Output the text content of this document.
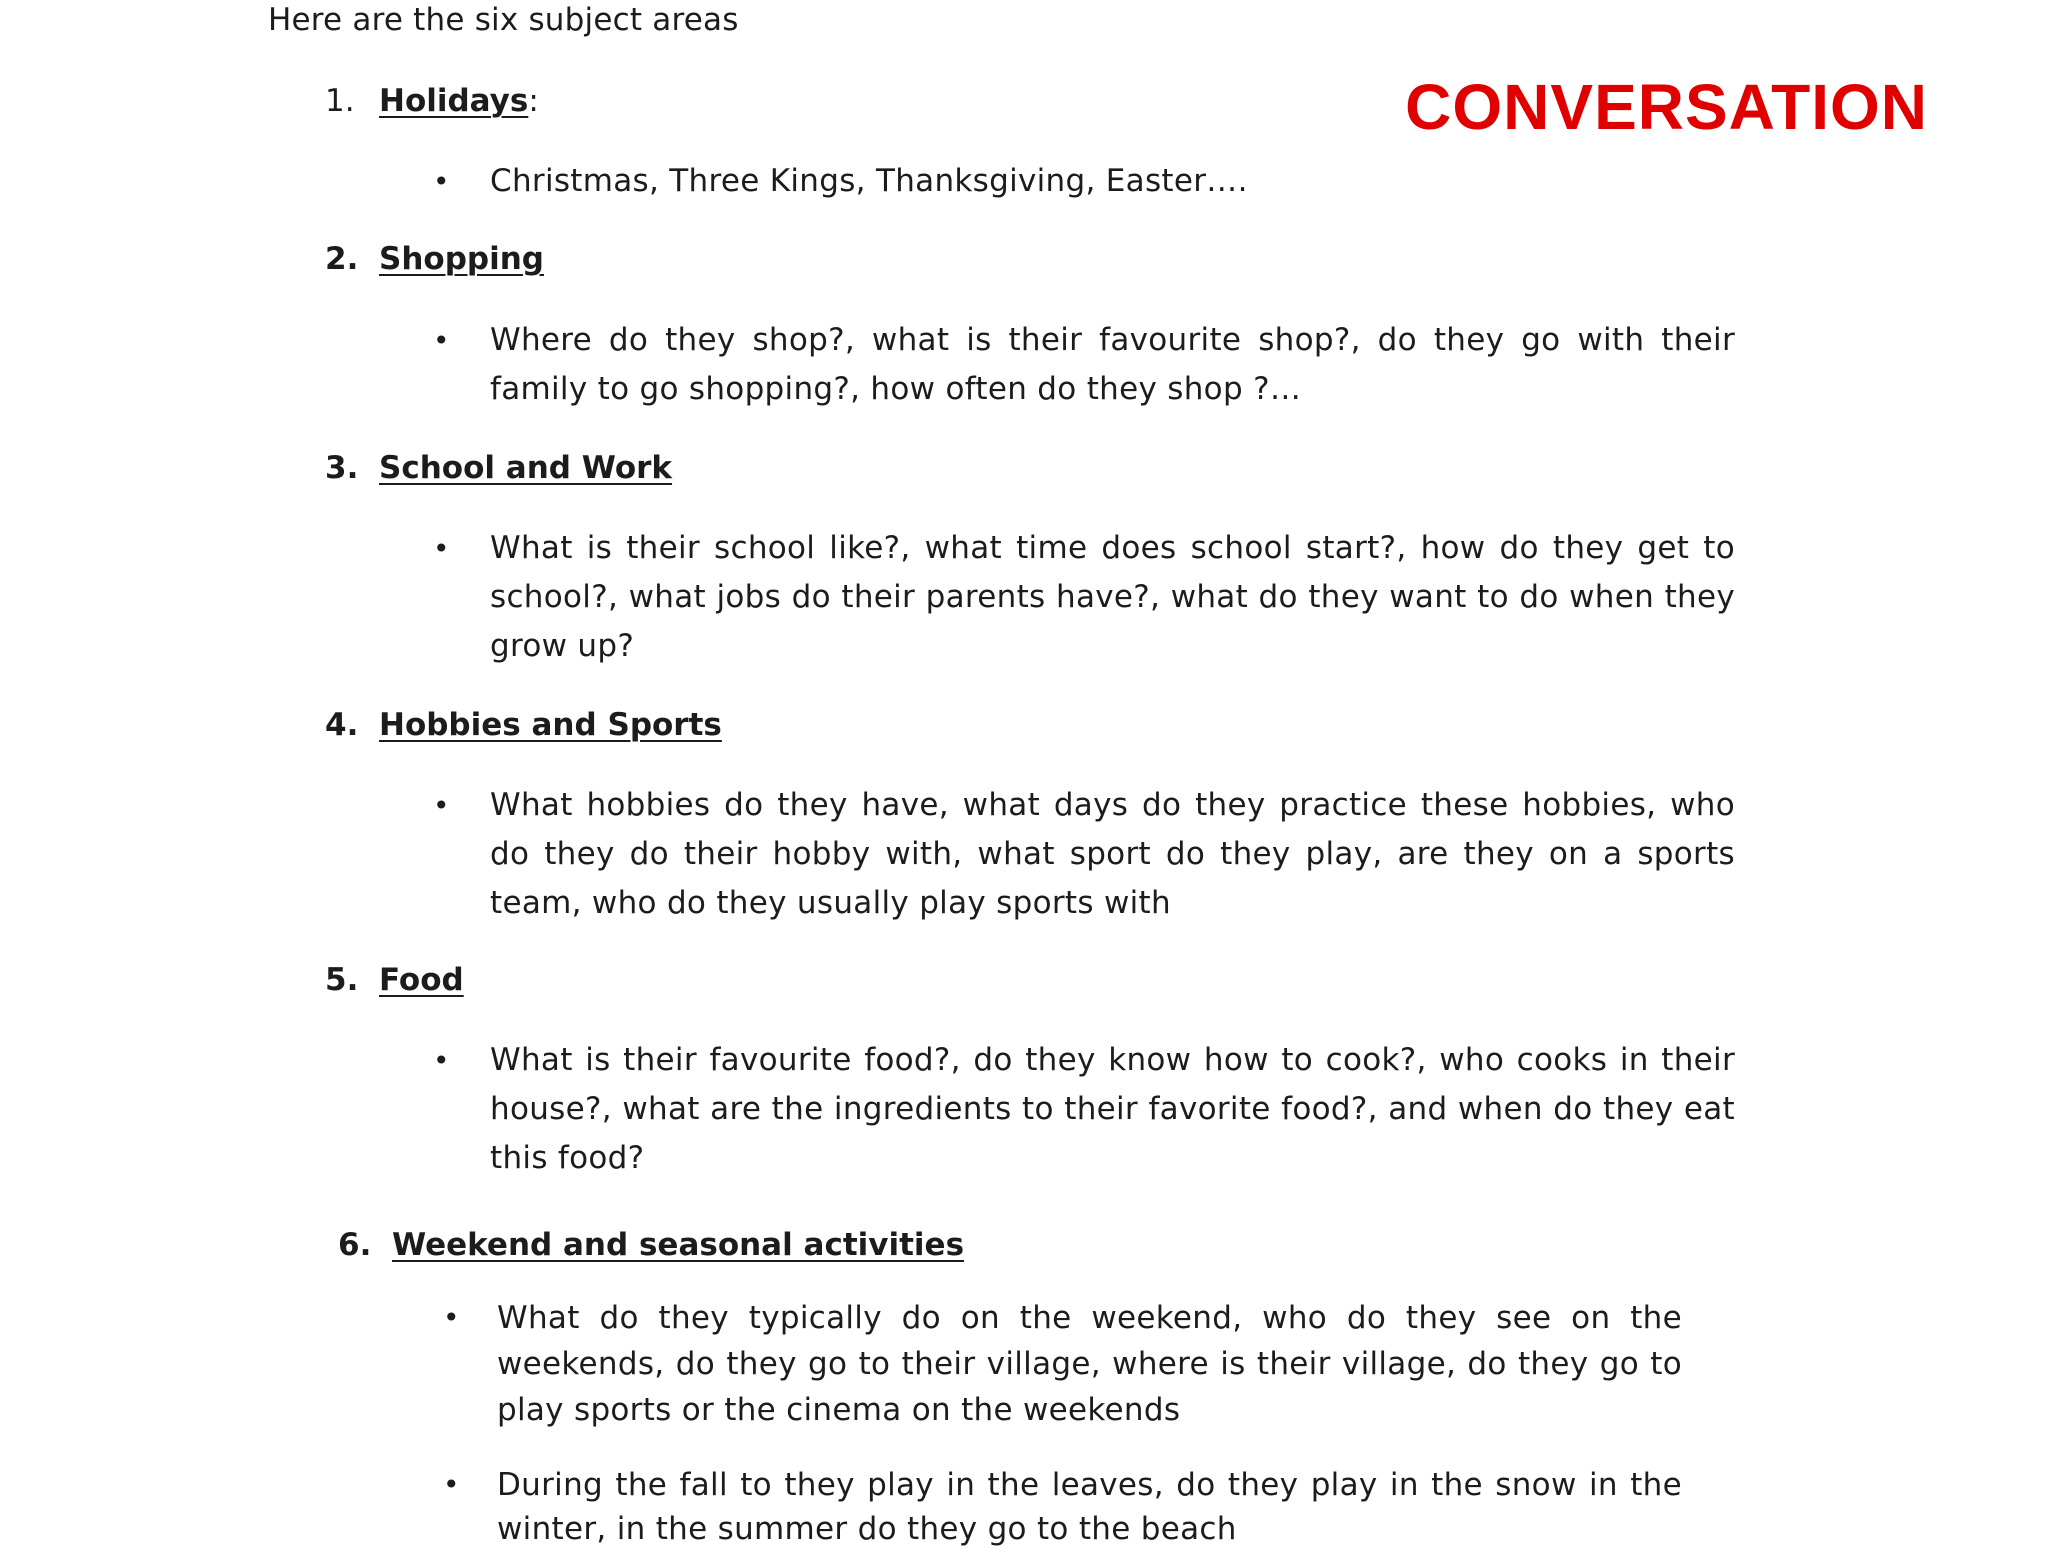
Here are the six subject areas
CONVERSATION
1. Holidays:
• Christmas, Three Kings, Thanksgiving, Easter….
2. Shopping
• Where do they shop?, what is their favourite shop?, do they go with their family to go shopping?, how often do they shop ?…
3. School and Work
• What is their school like?, what time does school start?, how do they get to school?, what jobs do their parents have?, what do they want to do when they grow up?
4. Hobbies and Sports
• What hobbies do they have, what days do they practice these hobbies, who do they do their hobby with, what sport do they play, are they on a sports team, who do they usually play sports with
5. Food
• What is their favourite food?, do they know how to cook?, who cooks in their house?, what are the ingredients to their favorite food?, and when do they eat this food?
6. Weekend and seasonal activities
• What do they typically do on the weekend, who do they see on the weekends, do they go to their village, where is their village, do they go to play sports or the cinema on the weekends
• During the fall to they play in the leaves, do they play in the snow in the winter, in the summer do they go to the beach
